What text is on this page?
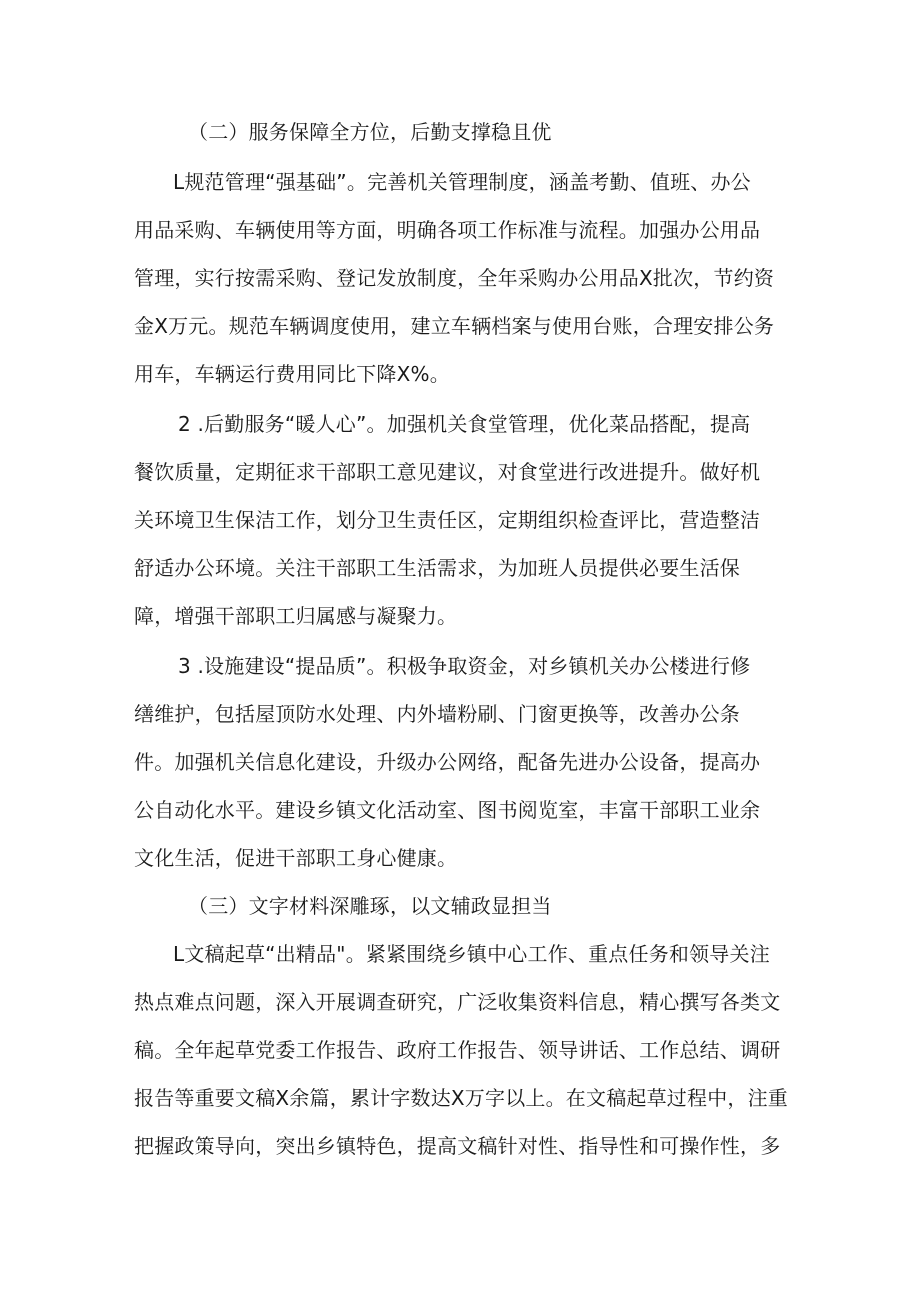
（二）服务保障全方位，后勤支撑稳且优

L规范管理“强基础”。完善机关管理制度，涵盖考勤、值班、办公

用品采购、车辆使用等方面，明确各项工作标准与流程。加强办公用品

管理，实行按需采购、登记发放制度，全年采购办公用品X批次，节约资

金X万元。规范车辆调度使用，建立车辆档案与使用台账，合理安排公务

用车，车辆运行费用同比下降X%。

2 .后勤服务“暖人心”。加强机关食堂管理，优化菜品搭配，提高

餐饮质量，定期征求干部职工意见建议，对食堂进行改进提升。做好机

关环境卫生保洁工作，划分卫生责任区，定期组织检查评比，营造整洁

舒适办公环境。关注干部职工生活需求，为加班人员提供必要生活保

障，增强干部职工归属感与凝聚力。

3 .设施建设“提品质”。积极争取资金，对乡镇机关办公楼进行修

缮维护，包括屋顶防水处理、内外墙粉刷、门窗更换等，改善办公条

件。加强机关信息化建设，升级办公网络，配备先进办公设备，提高办

公自动化水平。建设乡镇文化活动室、图书阅览室，丰富干部职工业余

文化生活，促进干部职工身心健康。

（三）文字材料深雕琢，以文辅政显担当

L文稿起草“出精品"。紧紧围绕乡镇中心工作、重点任务和领导关注

热点难点问题，深入开展调查研究，广泛收集资料信息，精心撰写各类文

稿。全年起草党委工作报告、政府工作报告、领导讲话、工作总结、调研

报告等重要文稿X余篇，累计字数达X万字以上。在文稿起草过程中，注重

把握政策导向，突出乡镇特色，提高文稿针对性、指导性和可操作性，多
